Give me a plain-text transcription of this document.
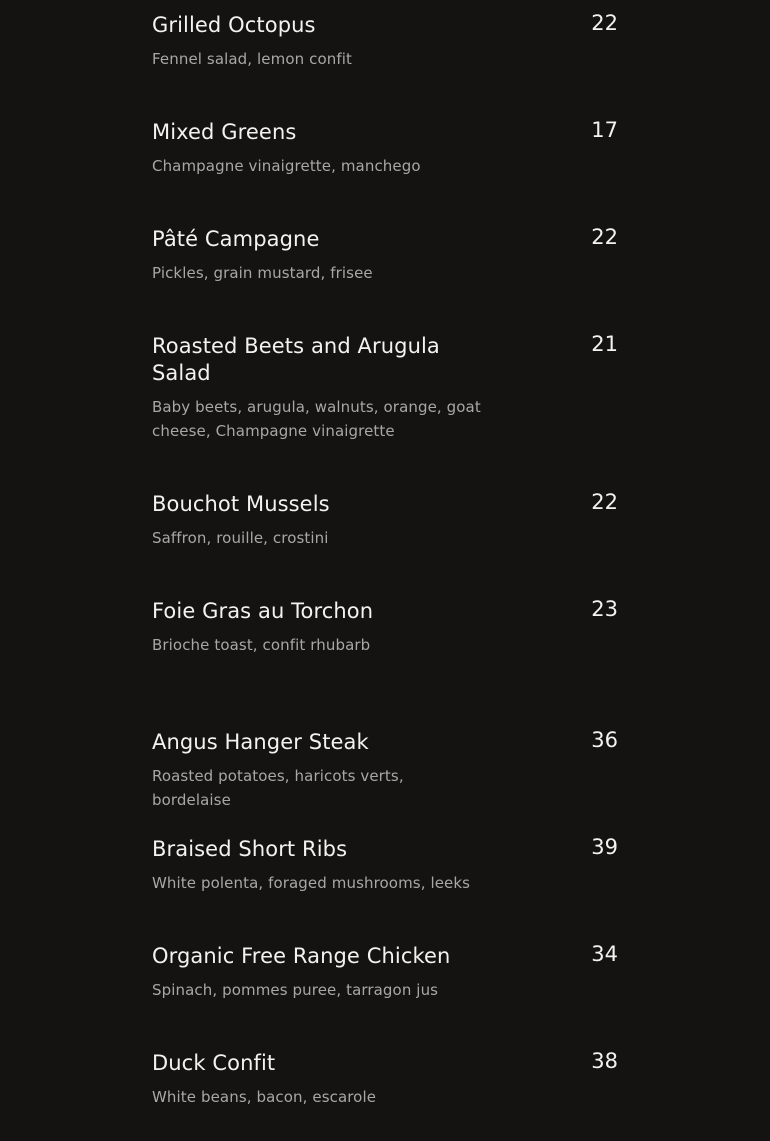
Grilled Octopus	22
Fennel salad, lemon confit
Mixed Greens	17
Champagne vinaigrette, manchego
Pâté Campagne	22
Pickles, grain mustard, frisee
Roasted Beets and Arugula Salad
21
Baby beets, arugula, walnuts, orange, goat cheese, Champagne vinaigrette
Bouchot Mussels	22
Saffron, rouille, crostini
Foie Gras au Torchon	23
Brioche toast, confit rhubarb
Angus Hanger Steak	36
Roasted potatoes, haricots verts, bordelaise
Braised Short Ribs	39
White polenta, foraged mushrooms, leeks
Organic Free Range Chicken	34
Spinach, pommes puree, tarragon jus
Duck Confit	38
White beans, bacon, escarole
